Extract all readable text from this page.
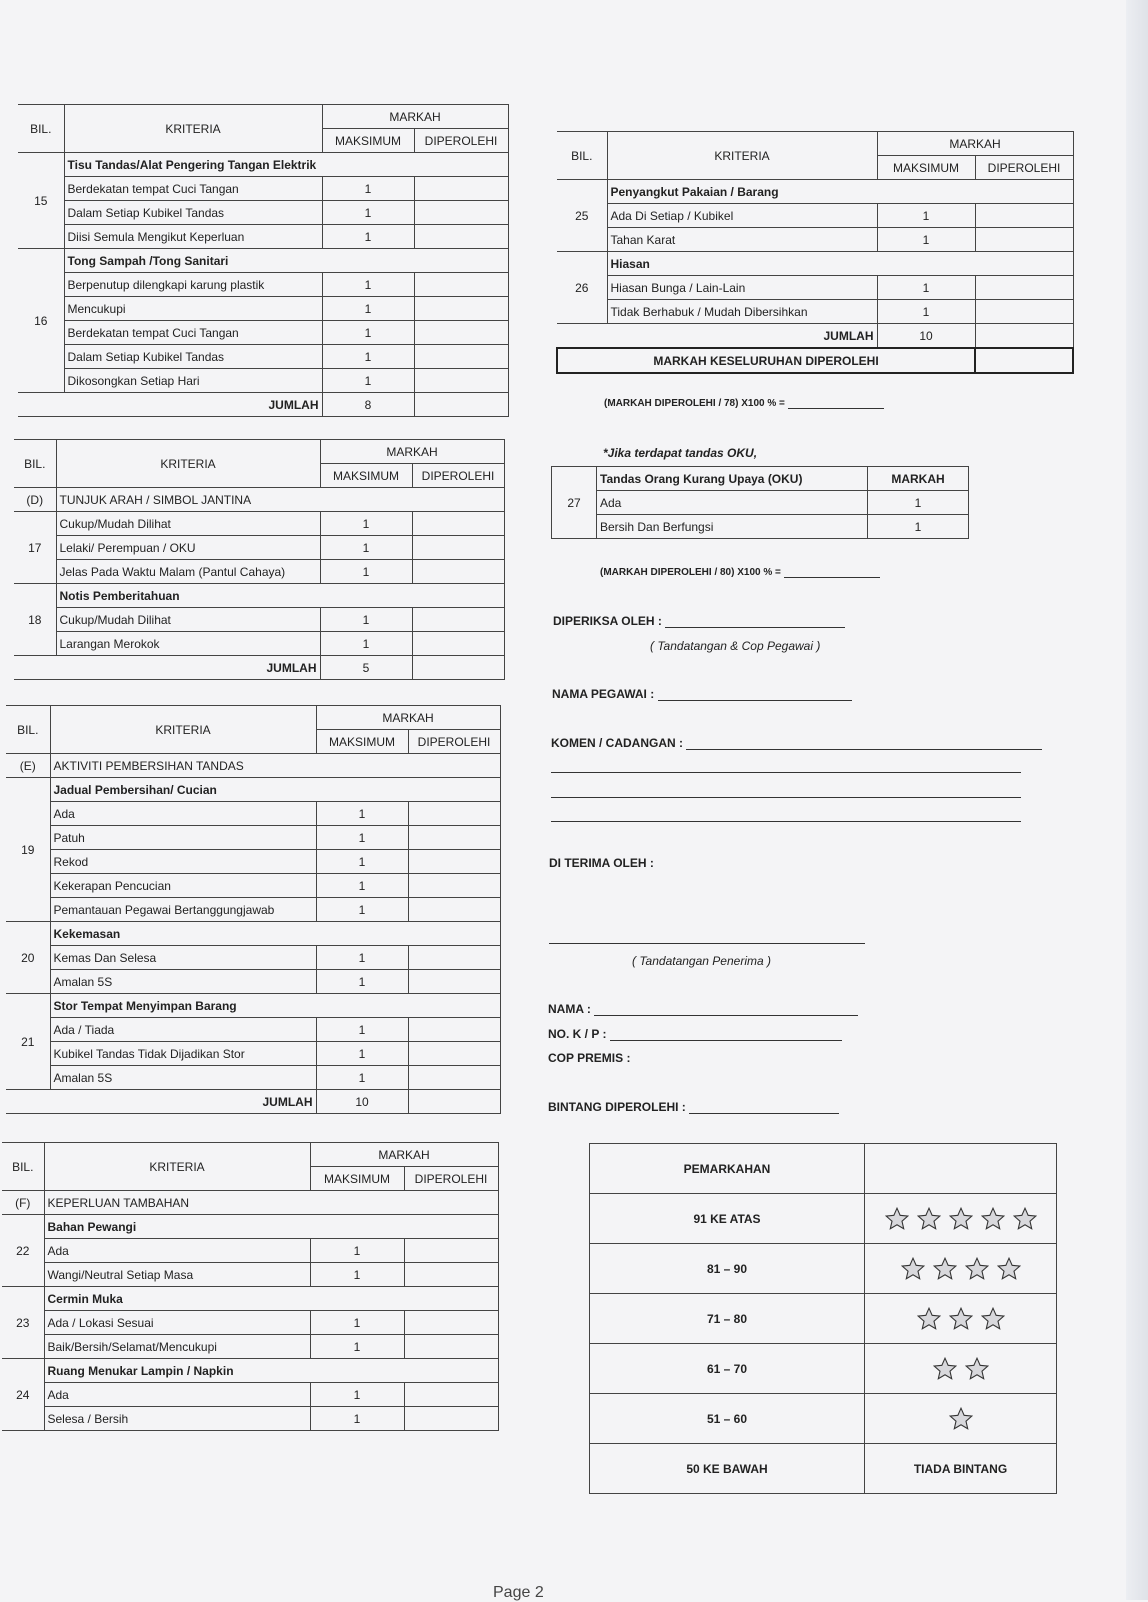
BIL.	KRITERIA	MARKAH	
		MAKSIMUM	DIPEROLEHI
15	Tisu Tandas/Alat Pengering Tangan Elektrik		
	Berdekatan tempat Cuci Tangan	1	
	Dalam Setiap Kubikel Tandas	1	
	Diisi Semula Mengikut Keperluan	1	
16	Tong Sampah /Tong Sanitari		
	Berpenutup dilengkapi karung plastik	1	
	Mencukupi	1	
	Berdekatan tempat Cuci Tangan	1	
	Dalam Setiap Kubikel Tandas	1	
	Dikosongkan Setiap Hari	1	
JUMLAH		8	
BIL.	KRITERIA	MARKAH	
		MAKSIMUM	DIPEROLEHI
(D)	TUNJUK ARAH / SIMBOL JANTINA		
17	Cukup/Mudah Dilihat	1	
	Lelaki/ Perempuan / OKU	1	
	Jelas Pada Waktu Malam (Pantul Cahaya)	1	
18	Notis Pemberitahuan		
	Cukup/Mudah Dilihat	1	
	Larangan Merokok	1	
JUMLAH		5	
BIL.	KRITERIA	MARKAH	
		MAKSIMUM	DIPEROLEHI
(E)	AKTIVITI PEMBERSIHAN TANDAS		
19	Jadual Pembersihan/ Cucian		
	Ada	1	
	Patuh	1	
	Rekod	1	
	Kekerapan Pencucian	1	
	Pemantauan Pegawai Bertanggungjawab	1	
20	Kekemasan		
	Kemas Dan Selesa	1	
	Amalan 5S	1	
21	Stor Tempat Menyimpan Barang		
	Ada / Tiada	1	
	Kubikel Tandas Tidak Dijadikan Stor	1	
	Amalan 5S	1	
JUMLAH		10	
BIL.	KRITERIA	MARKAH	
		MAKSIMUM	DIPEROLEHI
(F)	KEPERLUAN TAMBAHAN		
22	Bahan Pewangi		
	Ada	1	
	Wangi/Neutral Setiap Masa	1	
23	Cermin Muka		
	Ada / Lokasi Sesuai	1	
	Baik/Bersih/Selamat/Mencukupi	1	
24	Ruang Menukar Lampin / Napkin		
	Ada	1	
	Selesa / Bersih	1	
BIL.	KRITERIA	MARKAH	
		MAKSIMUM	DIPEROLEHI
25	Penyangkut Pakaian / Barang		
	Ada Di Setiap / Kubikel	1	
	Tahan Karat	1	
26	Hiasan		
	Hiasan Bunga / Lain-Lain	1	
	Tidak Berhabuk / Mudah Dibersihkan	1	
JUMLAH		10	
MARKAH KESELURUHAN DIPEROLEHI			
(MARKAH DIPEROLEHI / 78) X100 % =
*Jika terdapat tandas OKU,
27	Tandas Orang Kurang Upaya (OKU)	MARKAH
	Ada	1
	Bersih Dan Berfungsi	1
(MARKAH DIPEROLEHI / 80) X100 % =
DIPERIKSA OLEH :
( Tandatangan & Cop Pegawai )
NAMA PEGAWAI :
KOMEN / CADANGAN :
DI TERIMA OLEH :
( Tandatangan Penerima )
NAMA :
NO. K / P :
COP PREMIS :
BINTANG DIPEROLEHI :
PEMARKAHAN	
91 KE ATAS	

81 – 90	

71 – 80	

61 – 70	

51 – 60	

50 KE BAWAH	TIADA BINTANG
Page 2
